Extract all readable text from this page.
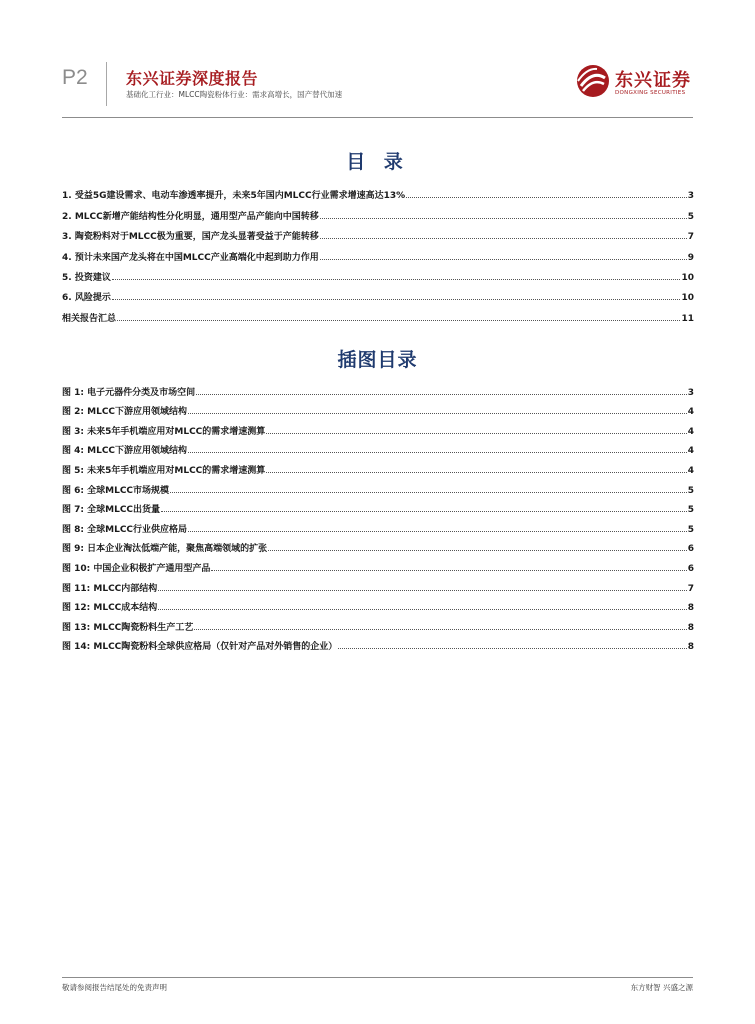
P2 东兴证券深度报告
基础化工行业：MLCC陶瓷粉体行业：需求高增长，国产替代加速
东兴证券
DONGXING SECURITIES
目 录
1. 受益5G建设需求、电动车渗透率提升，未来5年国内MLCC行业需求增速高达13%	3
2. MLCC新增产能结构性分化明显，通用型产品产能向中国转移	5
3. 陶瓷粉料对于MLCC极为重要，国产龙头显著受益于产能转移	7
4. 预计未来国产龙头将在中国MLCC产业高端化中起到助力作用	9
5. 投资建议	10
6. 风险提示	10
相关报告汇总	11
插图目录
图 1: 电子元器件分类及市场空间	3
图 2: MLCC下游应用领域结构	4
图 3: 未来5年手机端应用对MLCC的需求增速测算	4
图 4: MLCC下游应用领域结构	4
图 5: 未来5年手机端应用对MLCC的需求增速测算	4
图 6: 全球MLCC市场规模	5
图 7: 全球MLCC出货量	5
图 8: 全球MLCC行业供应格局	5
图 9: 日本企业淘汰低端产能，聚焦高端领域的扩张	6
图 10: 中国企业积极扩产通用型产品	6
图 11: MLCC内部结构	7
图 12: MLCC成本结构	8
图 13: MLCC陶瓷粉料生产工艺	8
图 14: MLCC陶瓷粉料全球供应格局（仅针对产品对外销售的企业）	8
敬请参阅报告结尾处的免责声明	东方财智 兴盛之源
